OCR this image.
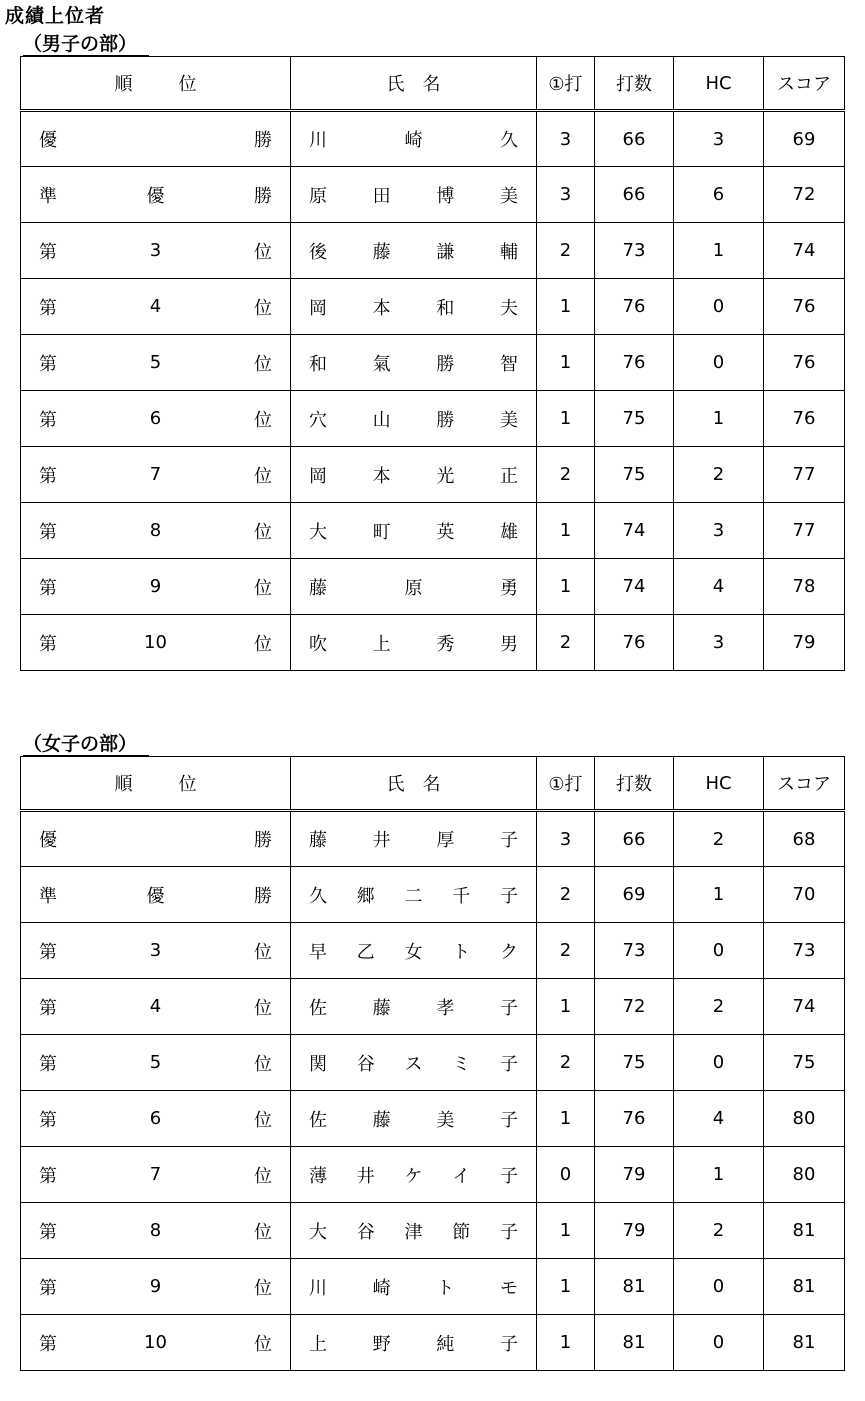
成績上位者
（男子の部）
順 位	氏 名	①打	打数	HC	スコア

優 勝	川 崎 久	3	66	3	69

準 優 勝	原 田 博 美	3	66	6	72

第 3 位	後 藤 謙 輔	2	73	1	74

第 4 位	岡 本 和 夫	1	76	0	76

第 5 位	和 氣 勝 智	1	76	0	76

第 6 位	穴 山 勝 美	1	75	1	76

第 7 位	岡 本 光 正	2	75	2	77

第 8 位	大 町 英 雄	1	74	3	77

第 9 位	藤 原 勇	1	74	4	78

第 10 位	吹 上 秀 男	2	76	3	79
（女子の部）
順 位	氏 名	①打	打数	HC	スコア

優 勝	藤 井 厚 子	3	66	2	68

準 優 勝	久 郷 二 千 子	2	69	1	70

第 3 位	早 乙 女 ト ク	2	73	0	73

第 4 位	佐 藤 孝 子	1	72	2	74

第 5 位	関 谷 ス ミ 子	2	75	0	75

第 6 位	佐 藤 美 子	1	76	4	80

第 7 位	薄 井 ケ イ 子	0	79	1	80

第 8 位	大 谷 津 節 子	1	79	2	81

第 9 位	川 崎 ト モ	1	81	0	81

第 10 位	上 野 純 子	1	81	0	81
